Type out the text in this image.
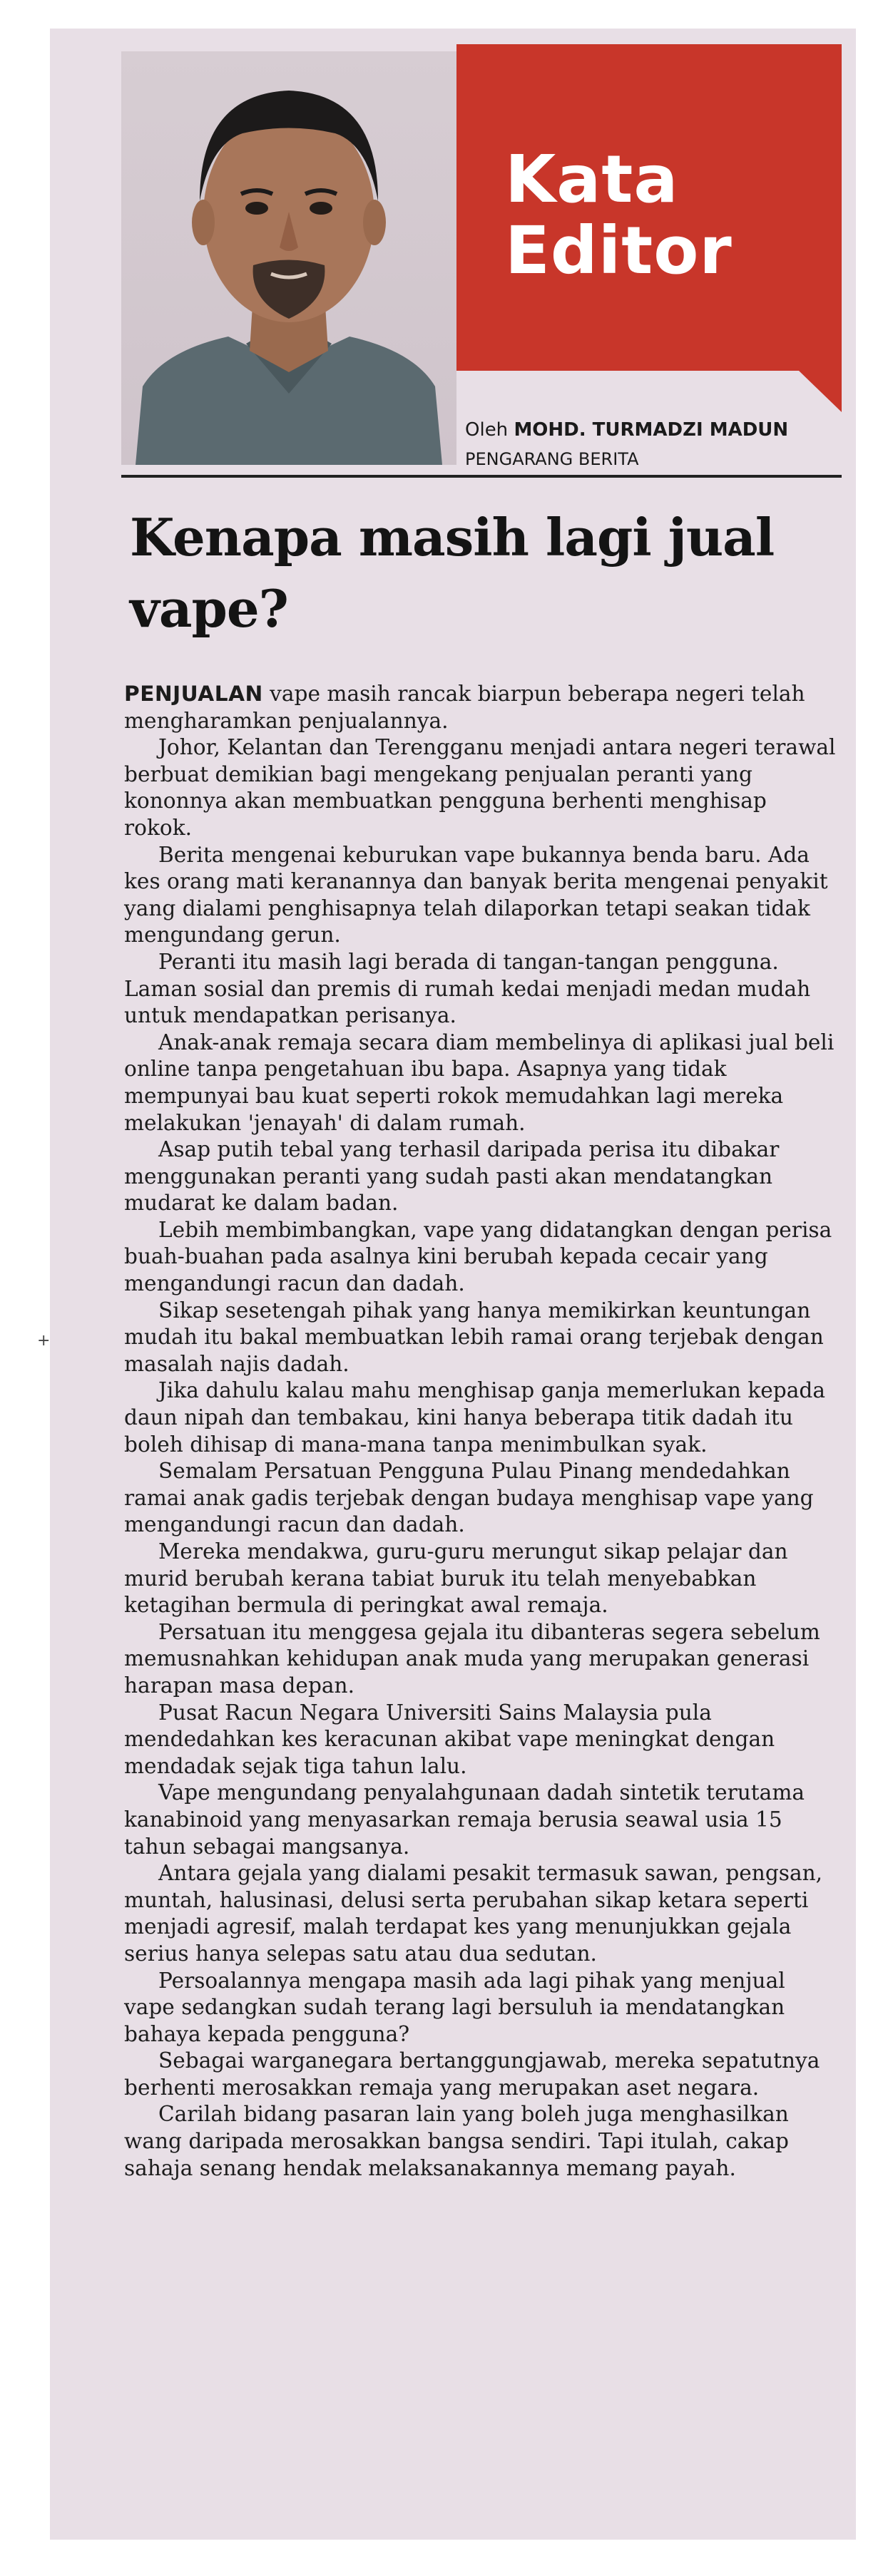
Kata
Editor
Oleh MOHD. TURMADZI MADUN
PENGARANG BERITA
Kenapa masih lagi jual vape?

PENJUALAN vape masih rancak biarpun beberapa negeri telah mengharamkan penjualannya.

Johor, Kelantan dan Terengganu menjadi antara negeri terawal berbuat demikian bagi mengekang penjualan peranti yang kononnya akan membuatkan pengguna berhenti menghisap rokok.

Berita mengenai keburukan vape bukannya benda baru. Ada kes orang mati keranannya dan banyak berita mengenai penyakit yang dialami penghisapnya telah dilaporkan tetapi seakan tidak mengundang gerun.

Peranti itu masih lagi berada di tangan-tangan pengguna. Laman sosial dan premis di rumah kedai menjadi medan mudah untuk mendapatkan perisanya.

Anak-anak remaja secara diam membelinya di aplikasi jual beli online tanpa pengetahuan ibu bapa. Asapnya yang tidak mempunyai bau kuat seperti rokok memudahkan lagi mereka melakukan 'jenayah' di dalam rumah.

Asap putih tebal yang terhasil daripada perisa itu dibakar menggunakan peranti yang sudah pasti akan mendatangkan mudarat ke dalam badan.

Lebih membimbangkan, vape yang didatangkan dengan perisa buah-buahan pada asalnya kini berubah kepada cecair yang mengandungi racun dan dadah.

Sikap sesetengah pihak yang hanya memikirkan keuntungan mudah itu bakal membuatkan lebih ramai orang terjebak dengan masalah najis dadah.

Jika dahulu kalau mahu menghisap ganja memerlukan kepada daun nipah dan tembakau, kini hanya beberapa titik dadah itu boleh dihisap di mana-mana tanpa menimbulkan syak.

Semalam Persatuan Pengguna Pulau Pinang mendedahkan ramai anak gadis terjebak dengan budaya menghisap vape yang mengandungi racun dan dadah.

Mereka mendakwa, guru-guru merungut sikap pelajar dan murid berubah kerana tabiat buruk itu telah menyebabkan ketagihan bermula di peringkat awal remaja.

Persatuan itu menggesa gejala itu dibanteras segera sebelum memusnahkan kehidupan anak muda yang merupakan generasi harapan masa depan.

Pusat Racun Negara Universiti Sains Malaysia pula mendedahkan kes keracunan akibat vape meningkat dengan mendadak sejak tiga tahun lalu.

Vape mengundang penyalahgunaan dadah sintetik terutama kanabinoid yang menyasarkan remaja berusia seawal usia 15 tahun sebagai mangsanya.

Antara gejala yang dialami pesakit termasuk sawan, pengsan, muntah, halusinasi, delusi serta perubahan sikap ketara seperti menjadi agresif, malah terdapat kes yang menunjukkan gejala serius hanya selepas satu atau dua sedutan.

Persoalannya mengapa masih ada lagi pihak yang menjual vape sedangkan sudah terang lagi bersuluh ia mendatangkan bahaya kepada pengguna?

Sebagai warganegara bertanggungjawab, mereka sepatutnya berhenti merosakkan remaja yang merupakan aset negara.

Carilah bidang pasaran lain yang boleh juga menghasilkan wang daripada merosakkan bangsa sendiri. Tapi itulah, cakap sahaja senang hendak melaksanakannya memang payah.

+
